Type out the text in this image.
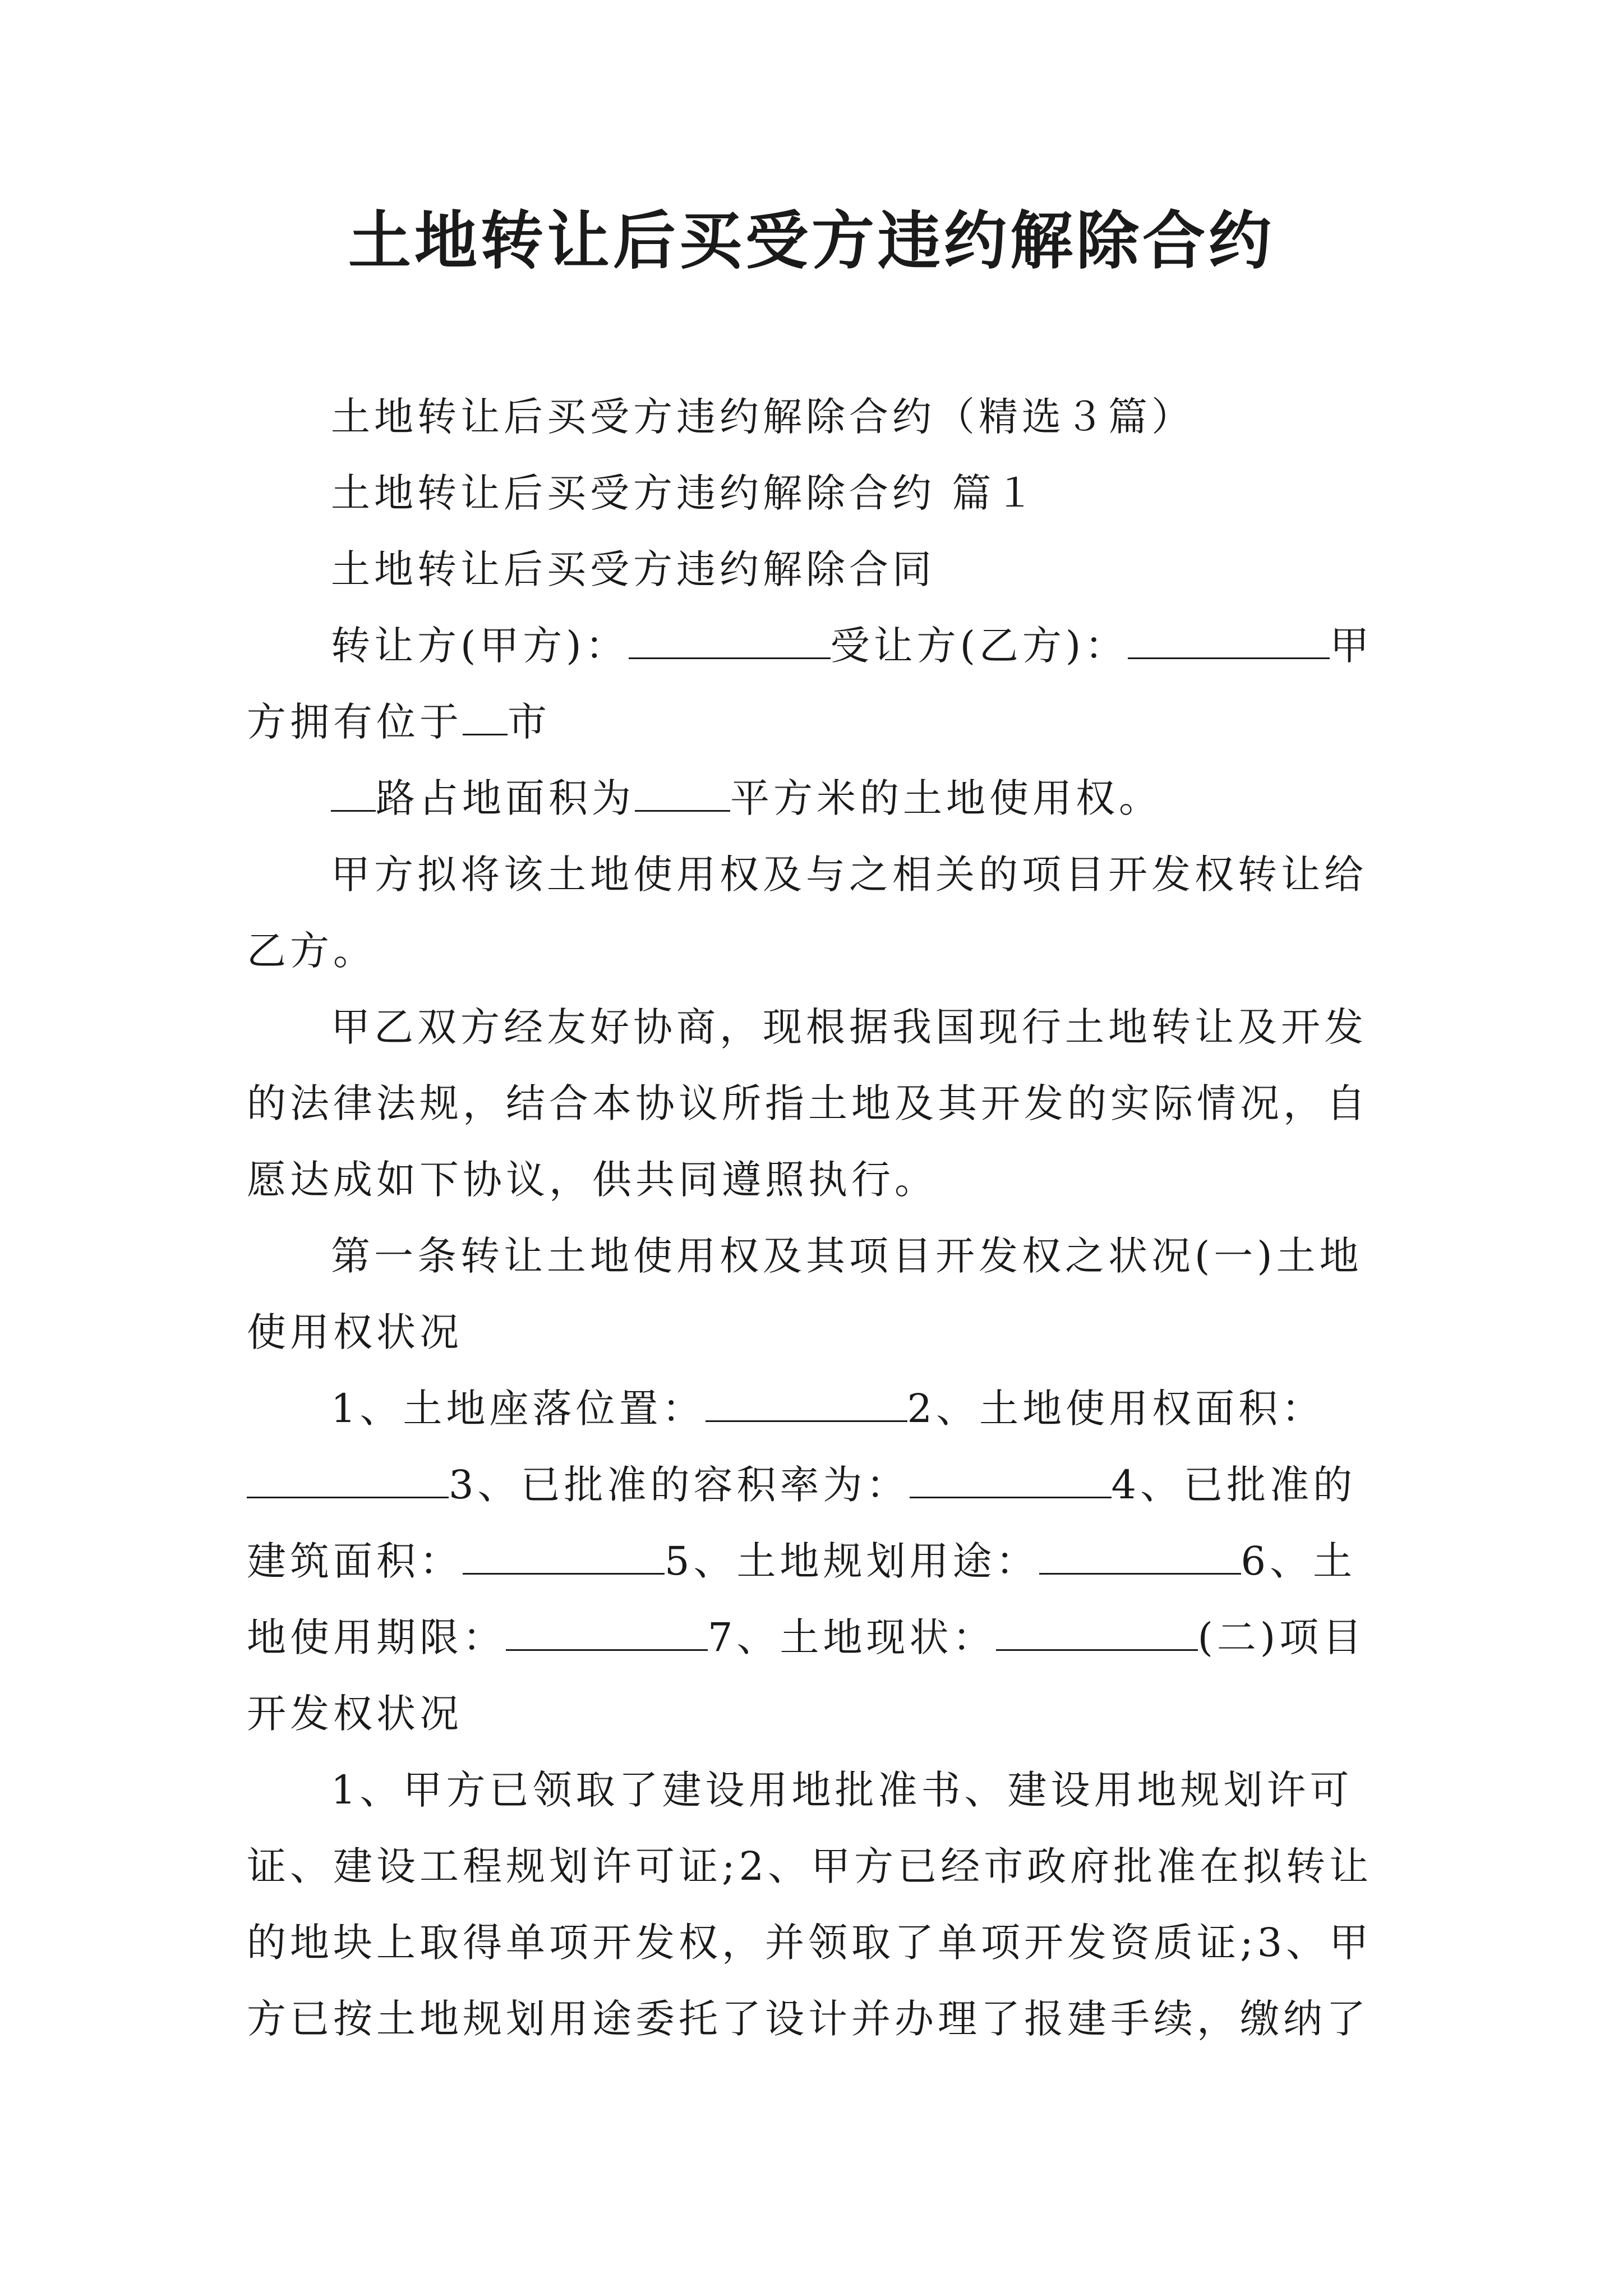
土地转让后买受方违约解除合约

土地转让后买受方违约解除合约（精选３篇）

土地转让后买受方违约解除合约 篇１

土地转让后买受方违约解除合同

转让方(甲方)：	受让方(乙方)：	甲方拥有位于 市

路占地面积为 平方米的土地使用权。

甲方拟将该土地使用权及与之相关的项目开发权转让给乙方。

甲乙双方经友好协商，现根据我国现行土地转让及开发的法律法规，结合本协议所指土地及其开发的实际情况，自愿达成如下协议，供共同遵照执行。

第一条转让土地使用权及其项目开发权之状况(一)土地使用权状况

1、土地座落位置：	2、土地使用权面积：3、已批准的容积率为：	4、已批准的建筑面积：	5、土地规划用途：	6、土地使用期限：	7、土地现状：	(二)项目开发权状况

1、甲方已领取了建设用地批准书、建设用地规划许可证、建设工程规划许可证;2、甲方已经市政府批准在拟转让的地块上取得单项开发权，并领取了单项开发资质证;3、甲方已按土地规划用途委托了设计并办理了报建手续，缴纳了
